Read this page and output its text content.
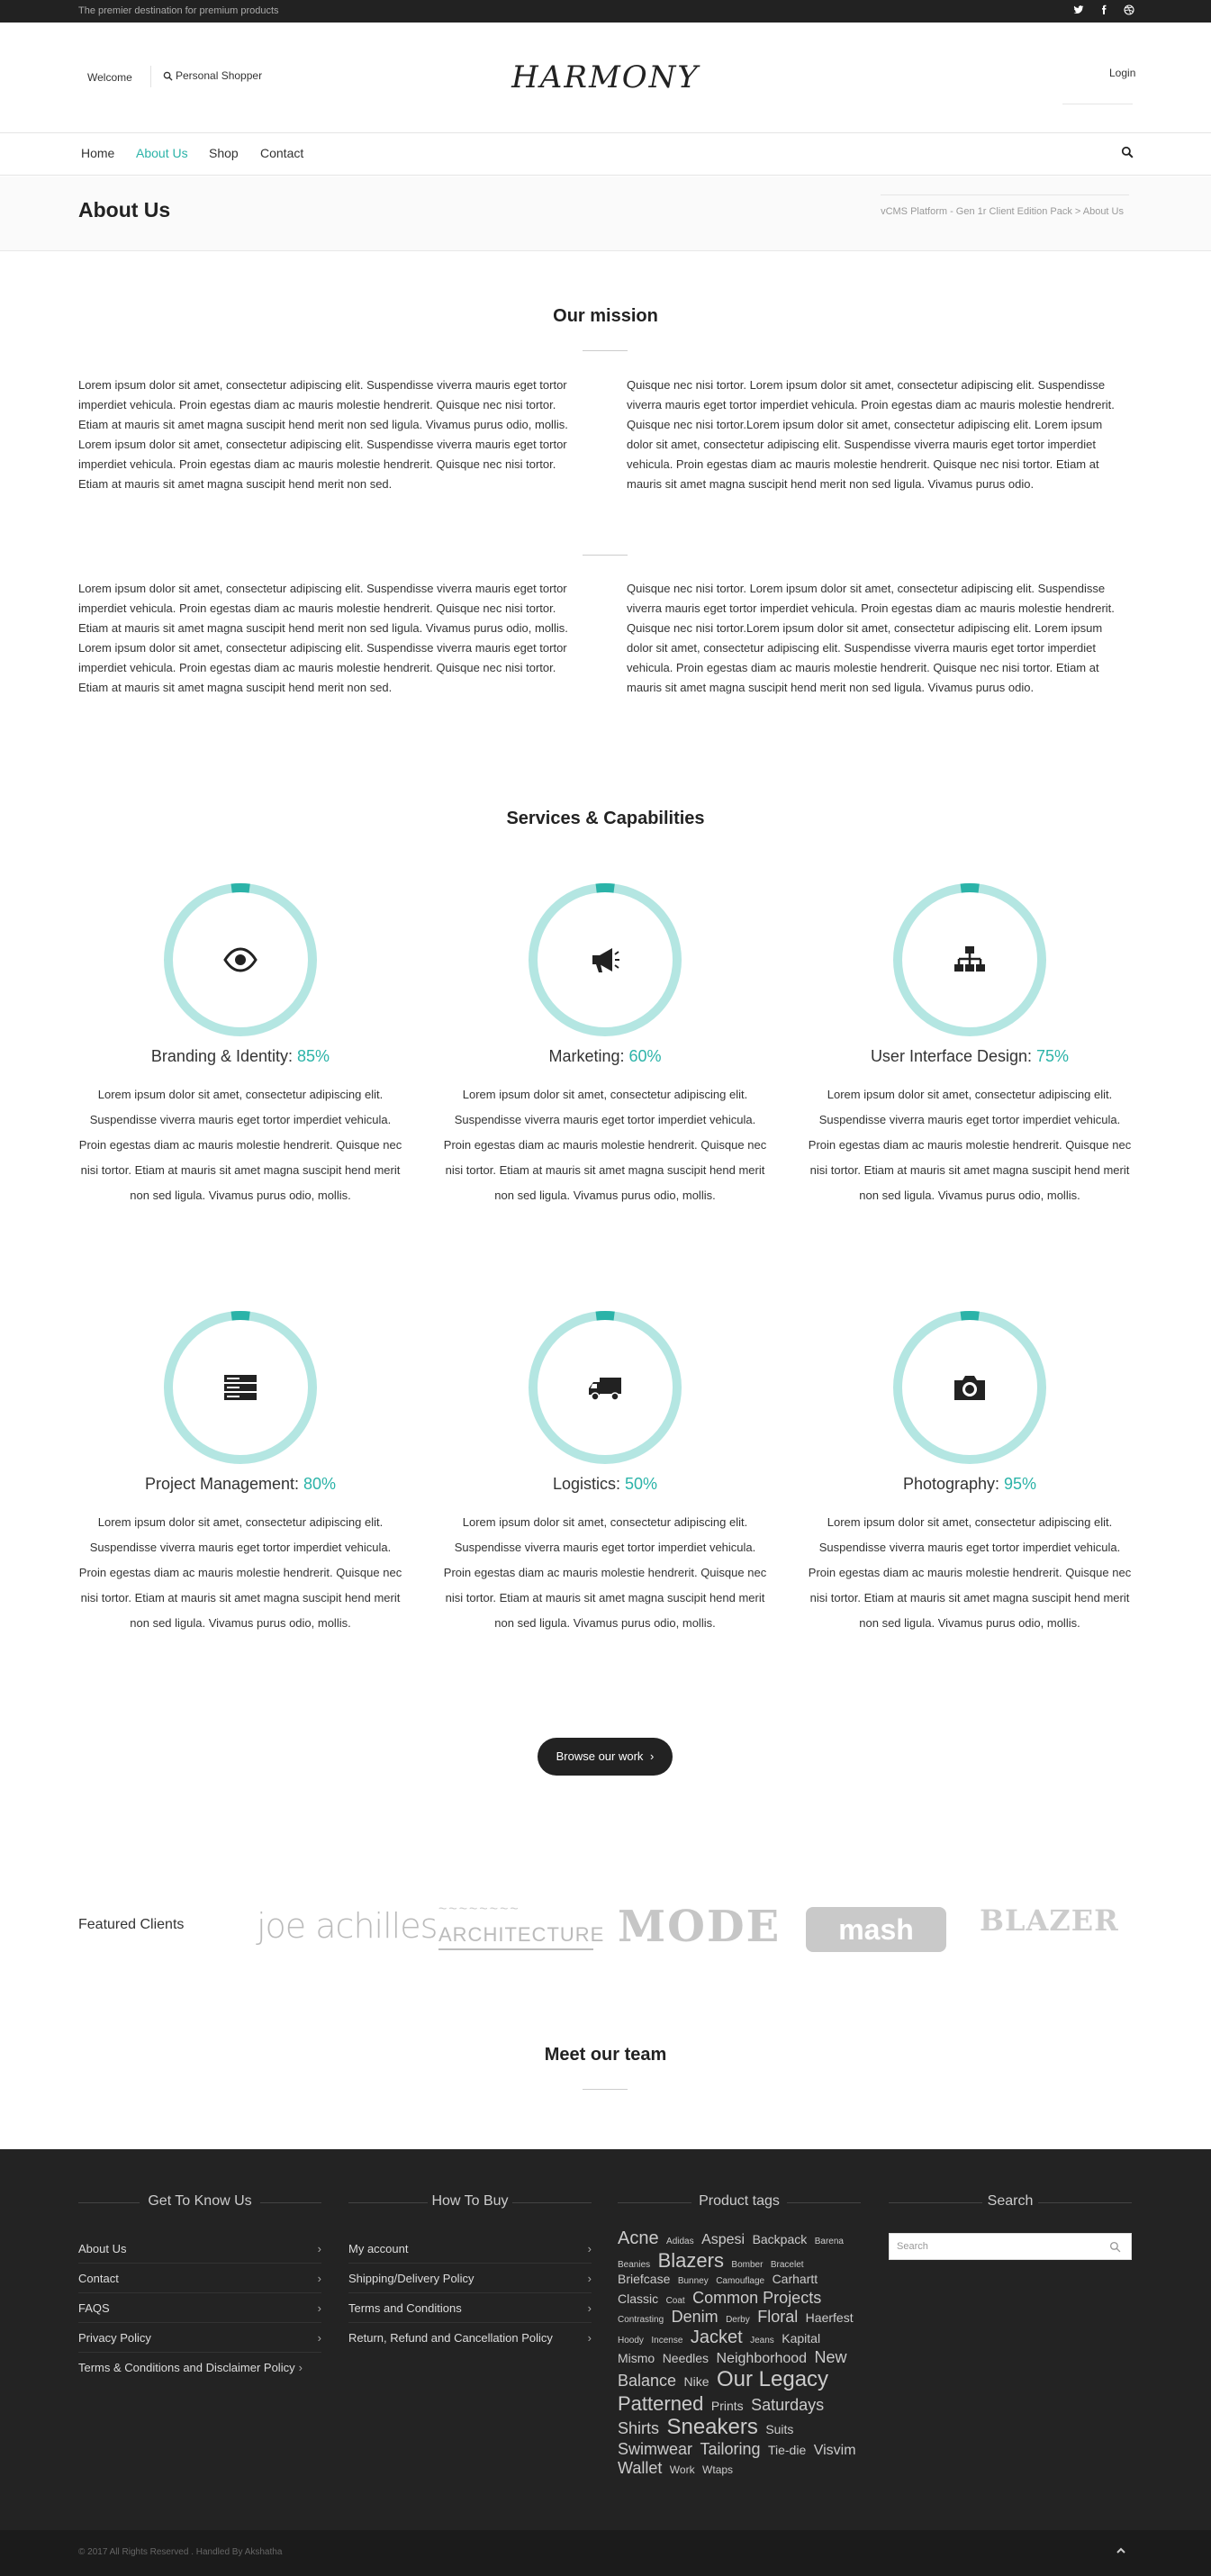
The premier destination for premium products
Welcome	Personal Shopper	HARMONY	Login
Home About Us Shop Contact
About Us	vCMS Platform - Gen 1r Client Edition Pack > About Us
Our mission

Lorem ipsum dolor sit amet, consectetur adipiscing elit. Suspendisse viverra mauris eget tortor imperdiet vehicula. Proin egestas diam ac mauris molestie hendrerit. Quisque nec nisi tortor. Etiam at mauris sit amet magna suscipit hend merit non sed ligula. Vivamus purus odio, mollis. Lorem ipsum dolor sit amet, consectetur adipiscing elit. Suspendisse viverra mauris eget tortor imperdiet vehicula. Proin egestas diam ac mauris molestie hendrerit. Quisque nec nisi tortor. Etiam at mauris sit amet magna suscipit hend merit non sed.

Quisque nec nisi tortor. Lorem ipsum dolor sit amet, consectetur adipiscing elit. Suspendisse viverra mauris eget tortor imperdiet vehicula. Proin egestas diam ac mauris molestie hendrerit. Quisque nec nisi tortor.Lorem ipsum dolor sit amet, consectetur adipiscing elit. Lorem ipsum dolor sit amet, consectetur adipiscing elit. Suspendisse viverra mauris eget tortor imperdiet vehicula. Proin egestas diam ac mauris molestie hendrerit. Quisque nec nisi tortor. Etiam at mauris sit amet magna suscipit hend merit non sed ligula. Vivamus purus odio.

Lorem ipsum dolor sit amet, consectetur adipiscing elit. Suspendisse viverra mauris eget tortor imperdiet vehicula. Proin egestas diam ac mauris molestie hendrerit. Quisque nec nisi tortor. Etiam at mauris sit amet magna suscipit hend merit non sed ligula. Vivamus purus odio, mollis. Lorem ipsum dolor sit amet, consectetur adipiscing elit. Suspendisse viverra mauris eget tortor imperdiet vehicula. Proin egestas diam ac mauris molestie hendrerit. Quisque nec nisi tortor. Etiam at mauris sit amet magna suscipit hend merit non sed.

Quisque nec nisi tortor. Lorem ipsum dolor sit amet, consectetur adipiscing elit. Suspendisse viverra mauris eget tortor imperdiet vehicula. Proin egestas diam ac mauris molestie hendrerit. Quisque nec nisi tortor.Lorem ipsum dolor sit amet, consectetur adipiscing elit. Lorem ipsum dolor sit amet, consectetur adipiscing elit. Suspendisse viverra mauris eget tortor imperdiet vehicula. Proin egestas diam ac mauris molestie hendrerit. Quisque nec nisi tortor. Etiam at mauris sit amet magna suscipit hend merit non sed ligula. Vivamus purus odio.

Services & Capabilities
Branding & Identity: 85%
Lorem ipsum dolor sit amet, consectetur adipiscing elit. Suspendisse viverra mauris eget tortor imperdiet vehicula. Proin egestas diam ac mauris molestie hendrerit. Quisque nec nisi tortor. Etiam at mauris sit amet magna suscipit hend merit non sed ligula. Vivamus purus odio, mollis.
Marketing: 60%
Lorem ipsum dolor sit amet, consectetur adipiscing elit. Suspendisse viverra mauris eget tortor imperdiet vehicula. Proin egestas diam ac mauris molestie hendrerit. Quisque nec nisi tortor. Etiam at mauris sit amet magna suscipit hend merit non sed ligula. Vivamus purus odio, mollis.
User Interface Design: 75%
Lorem ipsum dolor sit amet, consectetur adipiscing elit. Suspendisse viverra mauris eget tortor imperdiet vehicula. Proin egestas diam ac mauris molestie hendrerit. Quisque nec nisi tortor. Etiam at mauris sit amet magna suscipit hend merit non sed ligula. Vivamus purus odio, mollis.
Project Management: 80%
Lorem ipsum dolor sit amet, consectetur adipiscing elit. Suspendisse viverra mauris eget tortor imperdiet vehicula. Proin egestas diam ac mauris molestie hendrerit. Quisque nec nisi tortor. Etiam at mauris sit amet magna suscipit hend merit non sed ligula. Vivamus purus odio, mollis.
Logistics: 50%
Lorem ipsum dolor sit amet, consectetur adipiscing elit. Suspendisse viverra mauris eget tortor imperdiet vehicula. Proin egestas diam ac mauris molestie hendrerit. Quisque nec nisi tortor. Etiam at mauris sit amet magna suscipit hend merit non sed ligula. Vivamus purus odio, mollis.
Photography: 95%
Lorem ipsum dolor sit amet, consectetur adipiscing elit. Suspendisse viverra mauris eget tortor imperdiet vehicula. Proin egestas diam ac mauris molestie hendrerit. Quisque nec nisi tortor. Etiam at mauris sit amet magna suscipit hend merit non sed ligula. Vivamus purus odio, mollis.
Browse our work ›
Featured Clients joe achilles ~~~~~~~~
ARCHITECTURE MODE	mash	BLAZER
Meet our team
Get To Know Us	How To Buy	Product tags	Search
About Us	›
Contact	›
FAQS	›
Privacy Policy	›
Terms & Conditions and Disclaimer Policy ›
My account	›
Shipping/Delivery Policy	›
Terms and Conditions	›
Return, Refund and Cancellation Policy	›
Acne Adidas Aspesi Backpack Barena Beanies Blazers Bomber Bracelet Briefcase Bunney Camouflage Carhartt Classic Coat Common Projects Contrasting Denim Derby Floral Haerfest Hoody Incense Jacket Jeans Kapital Mismo Needles Neighborhood New Balance Nike Our Legacy Patterned Prints Saturdays Shirts Sneakers Suits Swimwear Tailoring Tie-die Visvim Wallet Work Wtaps
Search
© 2017 All Rights Reserved . Handled By Akshatha
